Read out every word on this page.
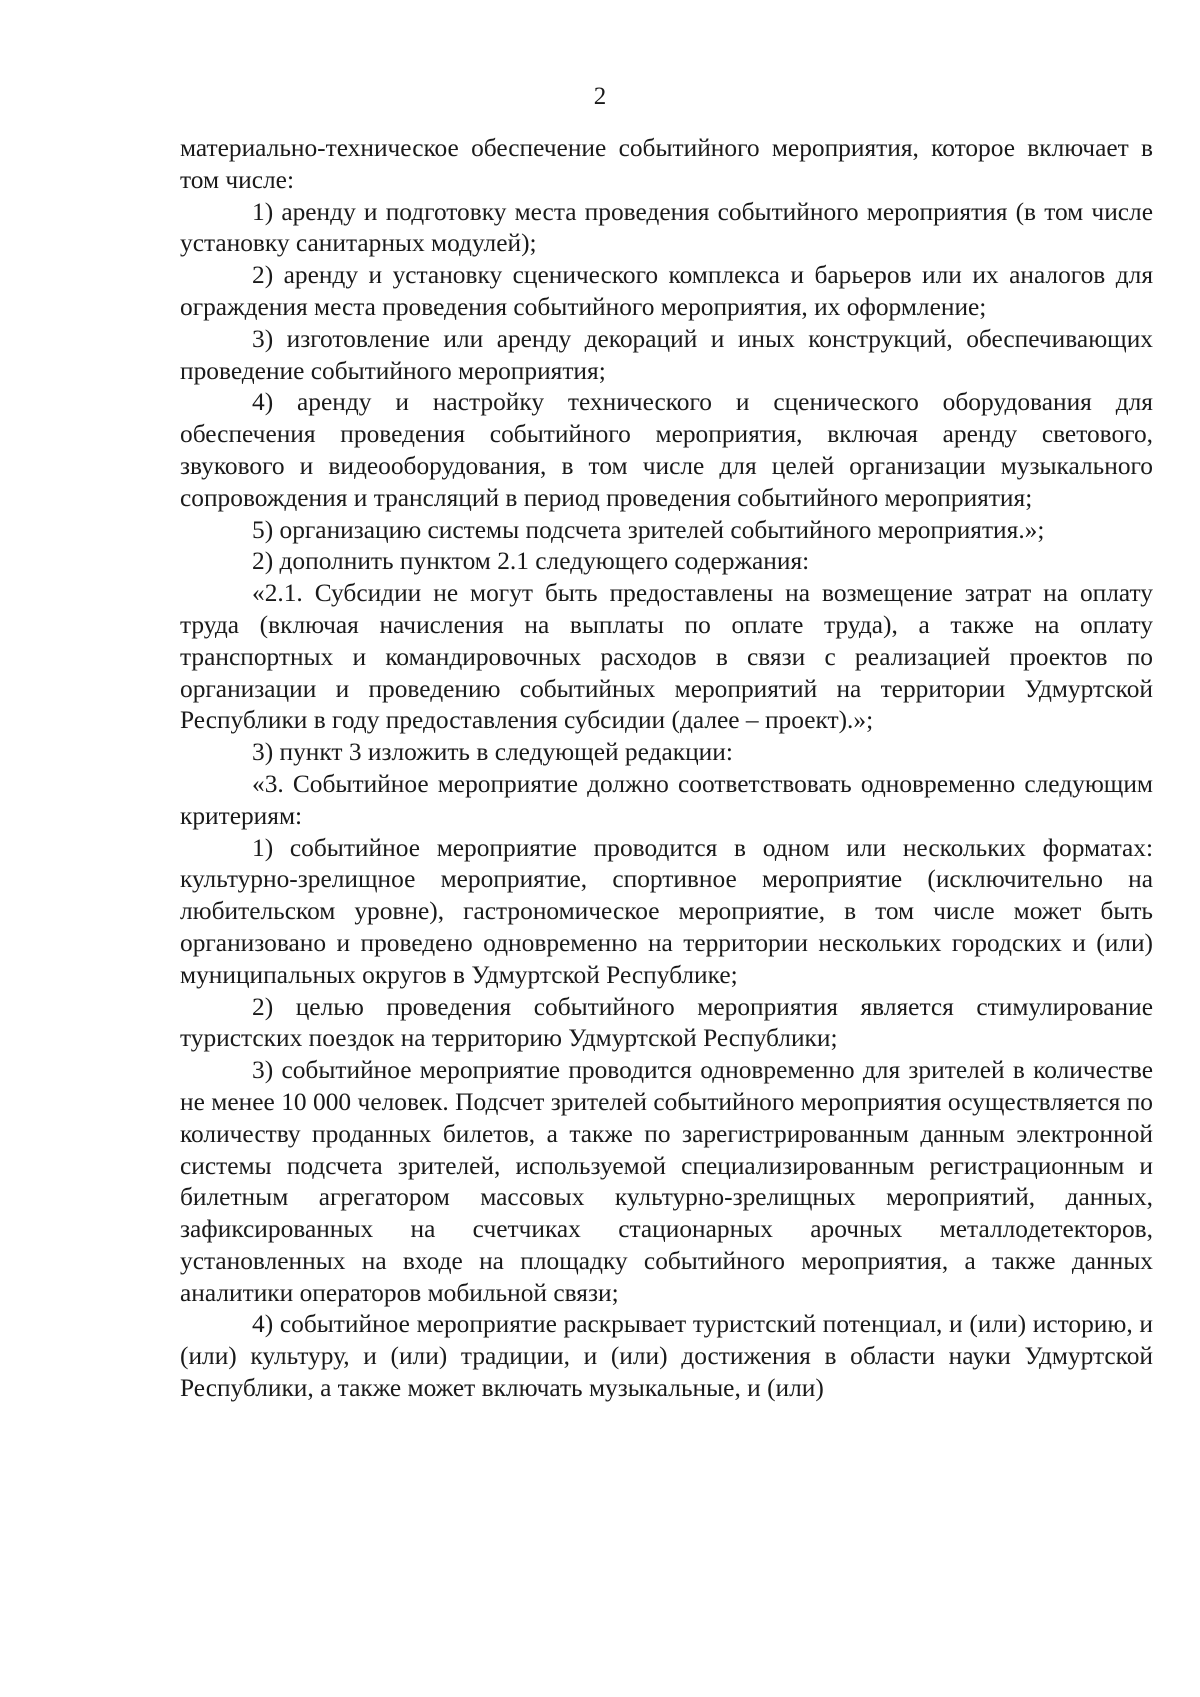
2

материально-техническое обеспечение событийного мероприятия, которое включает в том числе:

1) аренду и подготовку места проведения событийного мероприятия (в том числе установку санитарных модулей);

2) аренду и установку сценического комплекса и барьеров или их аналогов для ограждения места проведения событийного мероприятия, их оформление;

3) изготовление или аренду декораций и иных конструкций, обеспечивающих проведение событийного мероприятия;

4) аренду и настройку технического и сценического оборудования для обеспечения проведения событийного мероприятия, включая аренду светового, звукового и видеооборудования, в том числе для целей организации музыкального сопровождения и трансляций в период проведения событийного мероприятия;

5) организацию системы подсчета зрителей событийного мероприятия.»;

2) дополнить пунктом 2.1 следующего содержания:

«2.1. Субсидии не могут быть предоставлены на возмещение затрат на оплату труда (включая начисления на выплаты по оплате труда), а также на оплату транспортных и командировочных расходов в связи с реализацией проектов по организации и проведению событийных мероприятий на территории Удмуртской Республики в году предоставления субсидии (далее – проект).»;

3) пункт 3 изложить в следующей редакции:

«3. Событийное мероприятие должно соответствовать одновременно следующим критериям:

1) событийное мероприятие проводится в одном или нескольких форматах: культурно-зрелищное мероприятие, спортивное мероприятие (исключительно на любительском уровне), гастрономическое мероприятие, в том числе может быть организовано и проведено одновременно на территории нескольких городских и (или) муниципальных округов в Удмуртской Республике;

2) целью проведения событийного мероприятия является стимулирование туристских поездок на территорию Удмуртской Республики;

3) событийное мероприятие проводится одновременно для зрителей в количестве не менее 10 000 человек. Подсчет зрителей событийного мероприятия осуществляется по количеству проданных билетов, а также по зарегистрированным данным электронной системы подсчета зрителей, используемой специализированным регистрационным и билетным агрегатором массовых культурно-зрелищных мероприятий, данных, зафиксированных на счетчиках стационарных арочных металлодетекторов, установленных на входе на площадку событийного мероприятия, а также данных аналитики операторов мобильной связи;

4) событийное мероприятие раскрывает туристский потенциал, и (или) историю, и (или) культуру, и (или) традиции, и (или) достижения в области науки Удмуртской Республики, а также может включать музыкальные, и (или)
